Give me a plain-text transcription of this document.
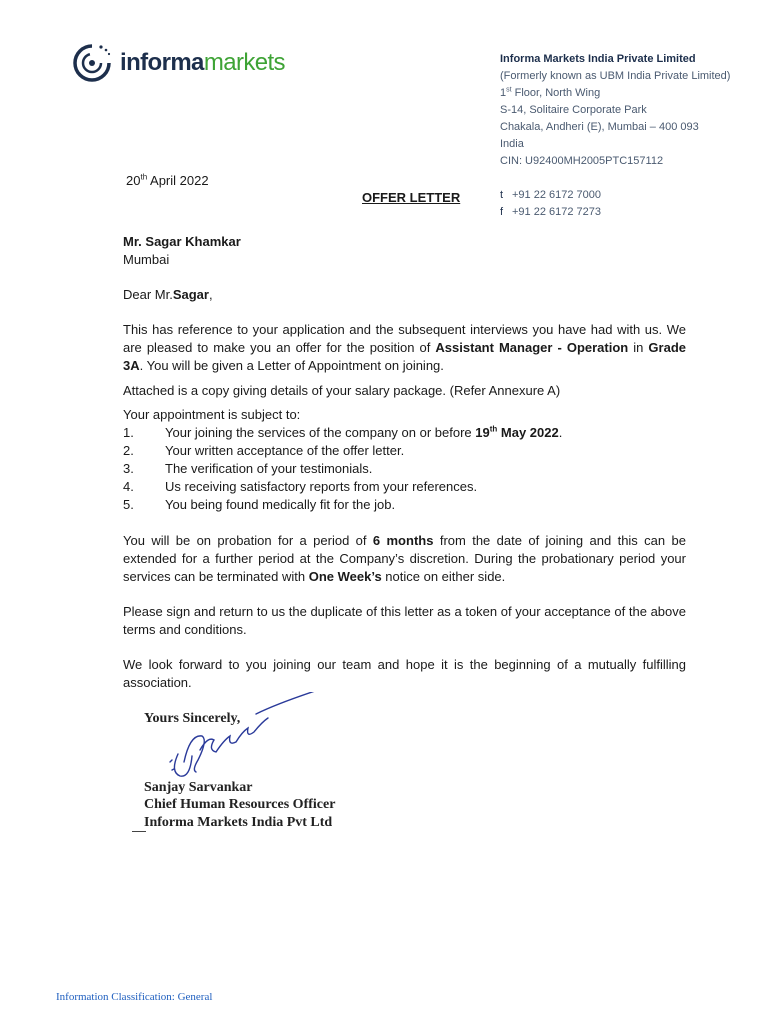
informamarkets	Informa Markets India Private Limited
(Formerly known as UBM India Private Limited)
1st Floor, North Wing
S-14, Solitaire Corporate Park
Chakala, Andheri (E), Mumbai – 400 093
India
CIN: U92400MH2005PTC157112
t +91 22 6172 7000
f +91 22 6172 7273
20th April 2022
OFFER LETTER
Mr. Sagar Khamkar
Mumbai
Dear Mr.Sagar,
This has reference to your application and the subsequent interviews you have had with us. We are pleased to make you an offer for the position of Assistant Manager - Operation in Grade 3A. You will be given a Letter of Appointment on joining.
Attached is a copy giving details of your salary package. (Refer Annexure A)
Your appointment is subject to:
1.	Your joining the services of the company on or before 19th May 2022.
2.	Your written acceptance of the offer letter.
3.	The verification of your testimonials.
4.	Us receiving satisfactory reports from your references.
5.	You being found medically fit for the job.
You will be on probation for a period of 6 months from the date of joining and this can be extended for a further period at the Company’s discretion. During the probationary period your services can be terminated with One Week’s notice on either side.
Please sign and return to us the duplicate of this letter as a token of your acceptance of the above terms and conditions.
We look forward to you joining our team and hope it is the beginning of a mutually fulfilling association.
Yours Sincerely,
Sanjay Sarvankar
Chief Human Resources Officer
Informa Markets India Pvt Ltd
Information Classification: General
